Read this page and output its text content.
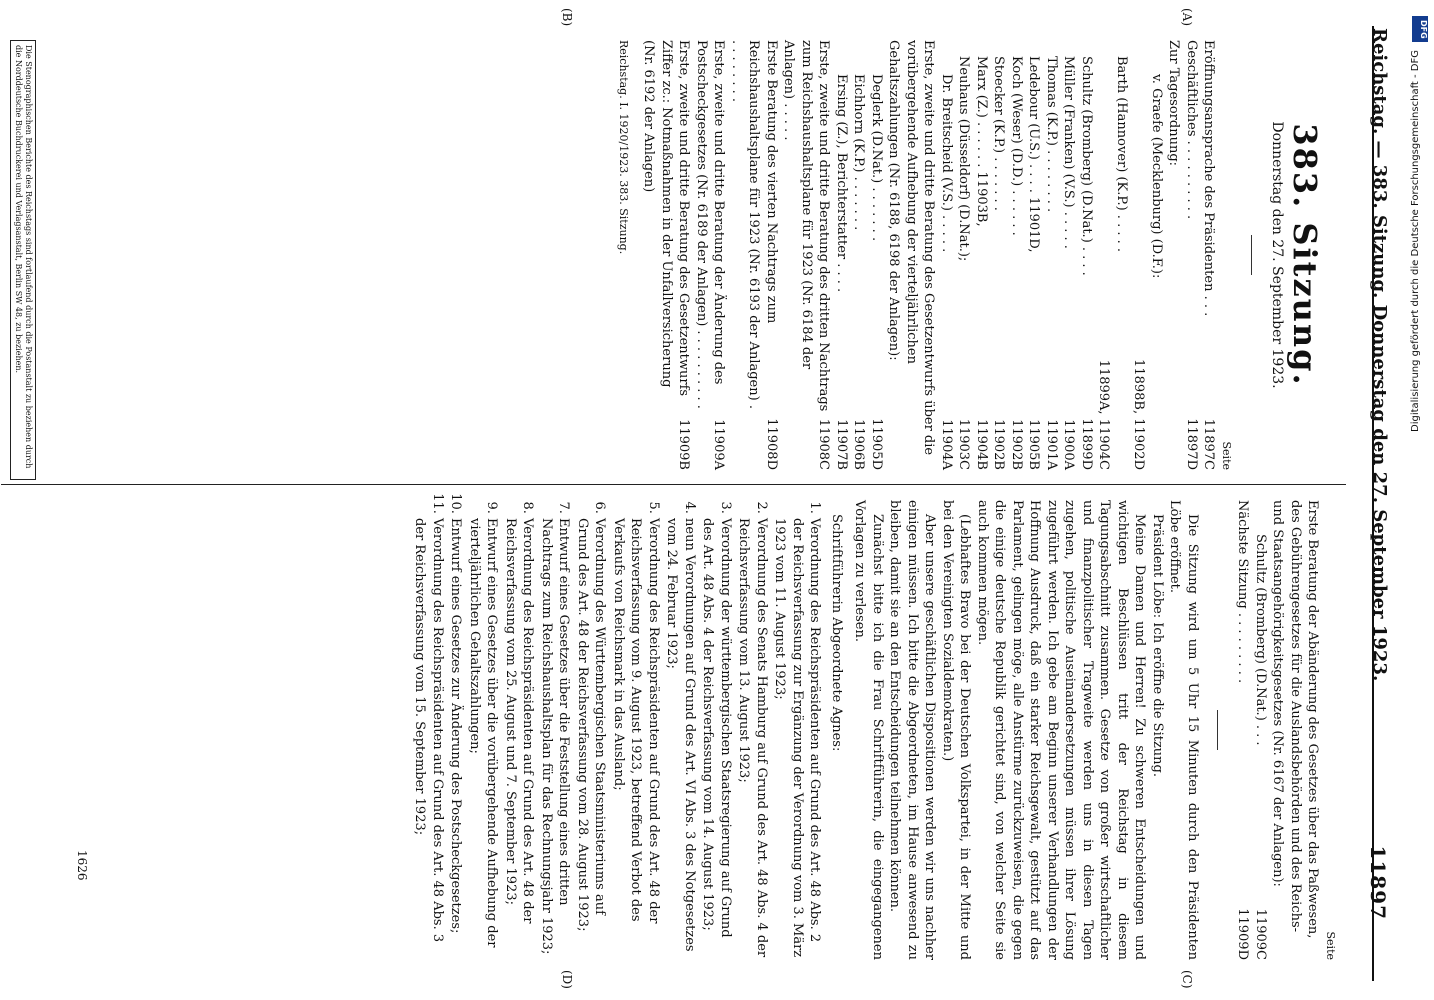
Reichstag. — 383. Sitzung. Donnerstag den 27. September 1923.
11897
(A)
(B)
(C)
(D)
383. Sitzung.
Donnerstag den 27. September 1923.
Seite
Eröffnungsansprache des Präsidenten . . .
11897C
Geschäftliches . . . . . . . . . .
11897D
Zur Tagesordnung:
v. Graefe (Mecklenburg) (D.F.):
11898B, 11902D
Barth (Hannover) (K.P.) . . . . .
11899A, 11904C
Schultz (Bromberg) (D.Nat.) . . . .
11899D
Müller (Franken) (V.S.) . . . . .
11900A
Thomas (K.P.) . . . . . . . .
11901A
Ledebour (U.S.) . . . . 11901D,
11905B
Koch (Weser) (D.D.) . . . . . .
11902B
Stoecker (K.P.) . . . . . . .
11902B
Marx (Z.) . . . . . . 11903B,
11904B
Neuhaus (Düsseldorf) (D.Nat.);
11903C
Dr. Breitscheid (V.S.) . . . . .
11904A
Erste, zweite und dritte Beratung des Gesetzentwurfs über die vorübergehende Aufhebung der vierteljährlichen Gehaltszahlungen (Nr. 6188, 6198 der Anlagen):
Deglerk (D.Nat.) . . . . . . .
11905D
Eichhorn (K.P.) . . . . . . .
11906B
Ersing (Z.), Berichterstatter . . . .
11907B
Erste, zweite und dritte Beratung des dritten Nachtrags zum Reichshaushaltsplane für 1923 (Nr. 6184 der Anlagen) . . . . .
11908C
Erste Beratung des vierten Nachtrags zum Reichshaushaltsplane für 1923 (Nr. 6193 der Anlagen) . . . . . . . . .
11908D
Erste, zweite und dritte Beratung der Änderung des Postscheckgesetzes (Nr. 6189 der Anlagen) . . . . . . . . . .
11909A
Erste, zweite und dritte Beratung des Gesetzentwurfs Ziffer zc.: Notmaßnahmen in der Unfallversicherung (Nr. 6192 der Anlagen)
11909B
Reichstag. I. 1920/1923. 383. Sitzung.
Seite
Erste Beratung der Abänderung des Gesetzes über das Paßwesen, des Gebührengesetzes für die Auslandsbehörden und des Reichs- und Staatsangehörigkeitsgesetzes (Nr. 6167 der Anlagen):
Schultz (Bromberg) (D.Nat.) . . .
11909C
Nächste Sitzung . . . . . . . . .
11909D

Die Sitzung wird um 5 Uhr 15 Minuten durch den Präsidenten Löbe eröffnet.

Präsident Löbe: Ich eröffne die Sitzung.

Meine Damen und Herren! Zu schweren Entscheidungen und wichtigen Beschlüssen tritt der Reichstag in diesem Tagungsabschnitt zusammen. Gesetze von großer wirtschaftlicher und finanzpolitischer Tragweite werden uns in diesen Tagen zugehen, politische Auseinandersetzungen müssen ihrer Lösung zugeführt werden. Ich gebe am Beginn unserer Verhandlungen der Hoffnung Ausdruck, daß ein starker Reichsgewalt, gestützt auf das Parlament, gelingen möge, alle Anstürme zurückzuweisen, die gegen die einige deutsche Republik gerichtet sind, von welcher Seite sie auch kommen mögen.

(Lebhaftes Bravo bei der Deutschen Volkspartei, in der Mitte und bei den Vereinigten Sozialdemokraten.)

Aber unsere geschäftlichen Dispositionen werden wir uns nachher einigen müssen. Ich bitte die Abgeordneten, im Hause anwesend zu bleiben, damit sie an den Entscheidungen teilnehmen können.

Zunächst bitte ich die Frau Schriftführerin, die eingegangenen Vorlagen zu verlesen.

Schriftführerin Abgeordnete Agnes:

1. Verordnung des Reichspräsidenten auf Grund des Art. 48 Abs. 2 der Reichsverfassung zur Ergänzung der Verordnung vom 3. März 1923 vom 11. August 1923;
2. Verordnung des Senats Hamburg auf Grund des Art. 48 Abs. 4 der Reichsverfassung vom 13. August 1923;
3. Verordnung der württembergischen Staatsregierung auf Grund des Art. 48 Abs. 4 der Reichsverfassung vom 14. August 1923;
4. neun Verordnungen auf Grund des Art. VI Abs. 3 des Notgesetzes vom 24. Februar 1923;
5. Verordnung des Reichspräsidenten auf Grund des Art. 48 der Reichsverfassung vom 9. August 1923, betreffend Verbot des Verkaufs von Reichsmark in das Ausland;
6. Verordnung des Württembergischen Staatsministeriums auf Grund des Art. 48 der Reichsverfassung vom 28. August 1923;
7. Entwurf eines Gesetzes über die Feststellung eines dritten Nachtrags zum Reichshaushaltsplan für das Rechnungsjahr 1923;
8. Verordnung des Reichspräsidenten auf Grund des Art. 48 der Reichsverfassung vom 25. August und 7. September 1923;
9. Entwurf eines Gesetzes über die vorübergehende Aufhebung der vierteljährlichen Gehaltszahlungen;
10. Entwurf eines Gesetzes zur Änderung des Postscheckgesetzes;
11. Verordnung des Reichspräsidenten auf Grund des Art. 48 Abs. 3 der Reichsverfassung vom 15. September 1923;
Die Stenographischen Berichte des Reichstags sind fortlaufend durch die Postanstalt zu beziehen durch die Norddeutsche Buchdruckerei und Verlagsanstalt, Berlin SW 48, zu beziehen.
1626
DFG
Digitalisierung gefördert durch die Deutsche Forschungsgemeinschaft - DFG
